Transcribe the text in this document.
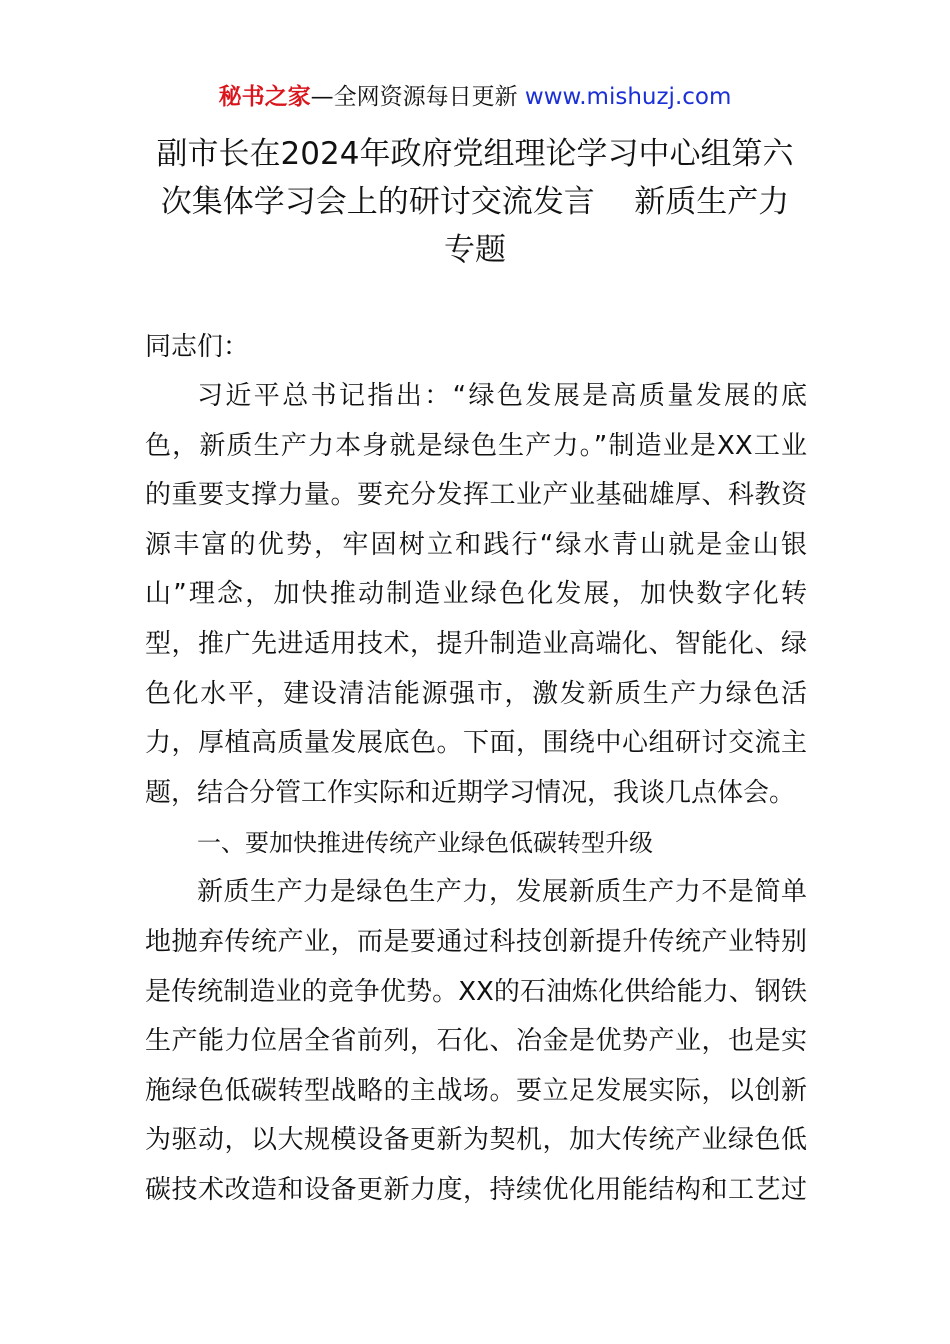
秘书之家—全网资源每日更新 www.mishuzj.com
副市长在2024年政府党组理论学习中心组第六
次集体学习会上的研讨交流发言    新质生产力
专题
同志们：
习近平总书记指出：“绿色发展是高质量发展的底
色，新质生产力本身就是绿色生产力。”制造业是XX工业
的重要支撑力量。要充分发挥工业产业基础雄厚、科教资
源丰富的优势，牢固树立和践行“绿水青山就是金山银
山”理念，加快推动制造业绿色化发展，加快数字化转
型，推广先进适用技术，提升制造业高端化、智能化、绿
色化水平，建设清洁能源强市，激发新质生产力绿色活
力，厚植高质量发展底色。下面，围绕中心组研讨交流主
题，结合分管工作实际和近期学习情况，我谈几点体会。
一、要加快推进传统产业绿色低碳转型升级
新质生产力是绿色生产力，发展新质生产力不是简单
地抛弃传统产业，而是要通过科技创新提升传统产业特别
是传统制造业的竞争优势。XX的石油炼化供给能力、钢铁
生产能力位居全省前列，石化、冶金是优势产业，也是实
施绿色低碳转型战略的主战场。要立足发展实际，以创新
为驱动，以大规模设备更新为契机，加大传统产业绿色低
碳技术改造和设备更新力度，持续优化用能结构和工艺过
